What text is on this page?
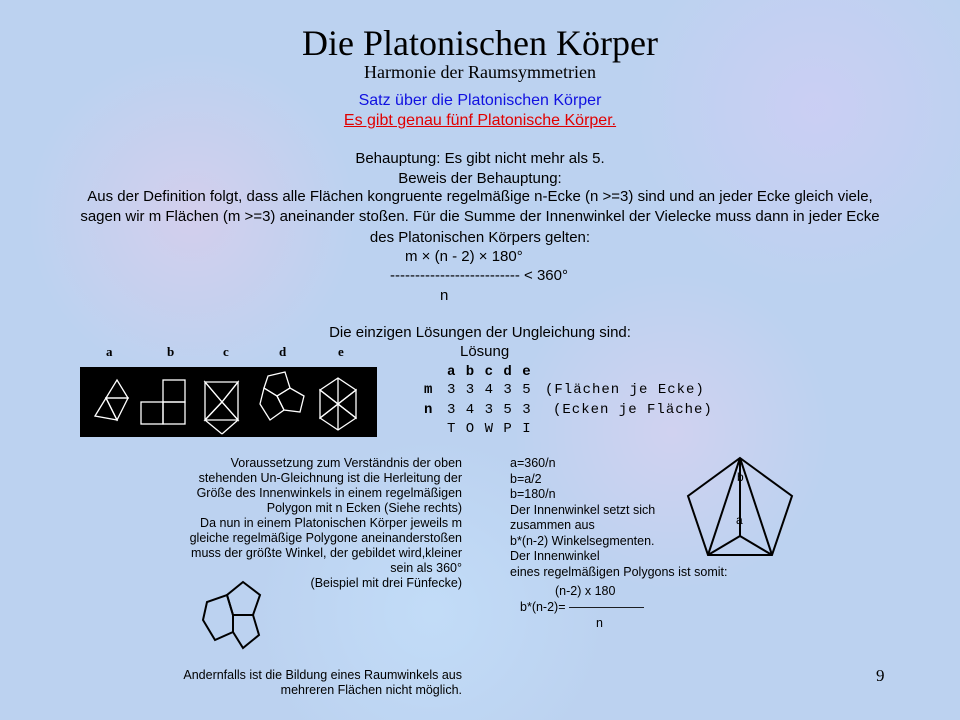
Die Platonischen Körper
Harmonie der Raumsymmetrien
Satz über die Platonischen Körper
Es gibt genau fünf Platonische Körper.
Behauptung: Es gibt nicht mehr als 5.
Beweis der Behauptung:
Aus der Definition folgt, dass alle Flächen kongruente regelmäßige n-Ecke (n >=3) sind und an jeder Ecke gleich viele,
sagen wir m Flächen (m >=3) aneinander stoßen. Für die Summe der Innenwinkel der Vielecke muss dann in jeder Ecke
des Platonischen Körpers gelten:
m × (n - 2) × 180°
-------------------------- < 360°
n
Die einzigen Lösungen der Ungleichung sind:
a	b	c	d	e	Lösung
a b c d e
m 3 3 4 3 5 (Flächen je Ecke)
n 3 4 3 5 3 (Ecken je Fläche)
T O W P I
Voraussetzung zum Verständnis der oben
stehenden Un-Gleichnung ist die Herleitung der
Größe des Innenwinkels in einem regelmäßigen
Polygon mit n Ecken (Siehe rechts)
Da nun in einem Platonischen Körper jeweils m
gleiche regelmäßige Polygone aneinanderstoßen
muss der größte Winkel, der gebildet wird,kleiner
sein als 360°
(Beispiel mit drei Fünfecke)
Andernfalls ist die Bildung eines Raumwinkels aus
mehreren Flächen nicht möglich.
a=360/n
b=a/2
b=180/n
Der Innenwinkel setzt sich
zusammen aus
b*(n-2) Winkelsegmenten.
Der Innenwinkel
eines regelmäßigen Polygons ist somit:
(n-2) x 180
b*(n-2)= ——————
n
b
a
9
